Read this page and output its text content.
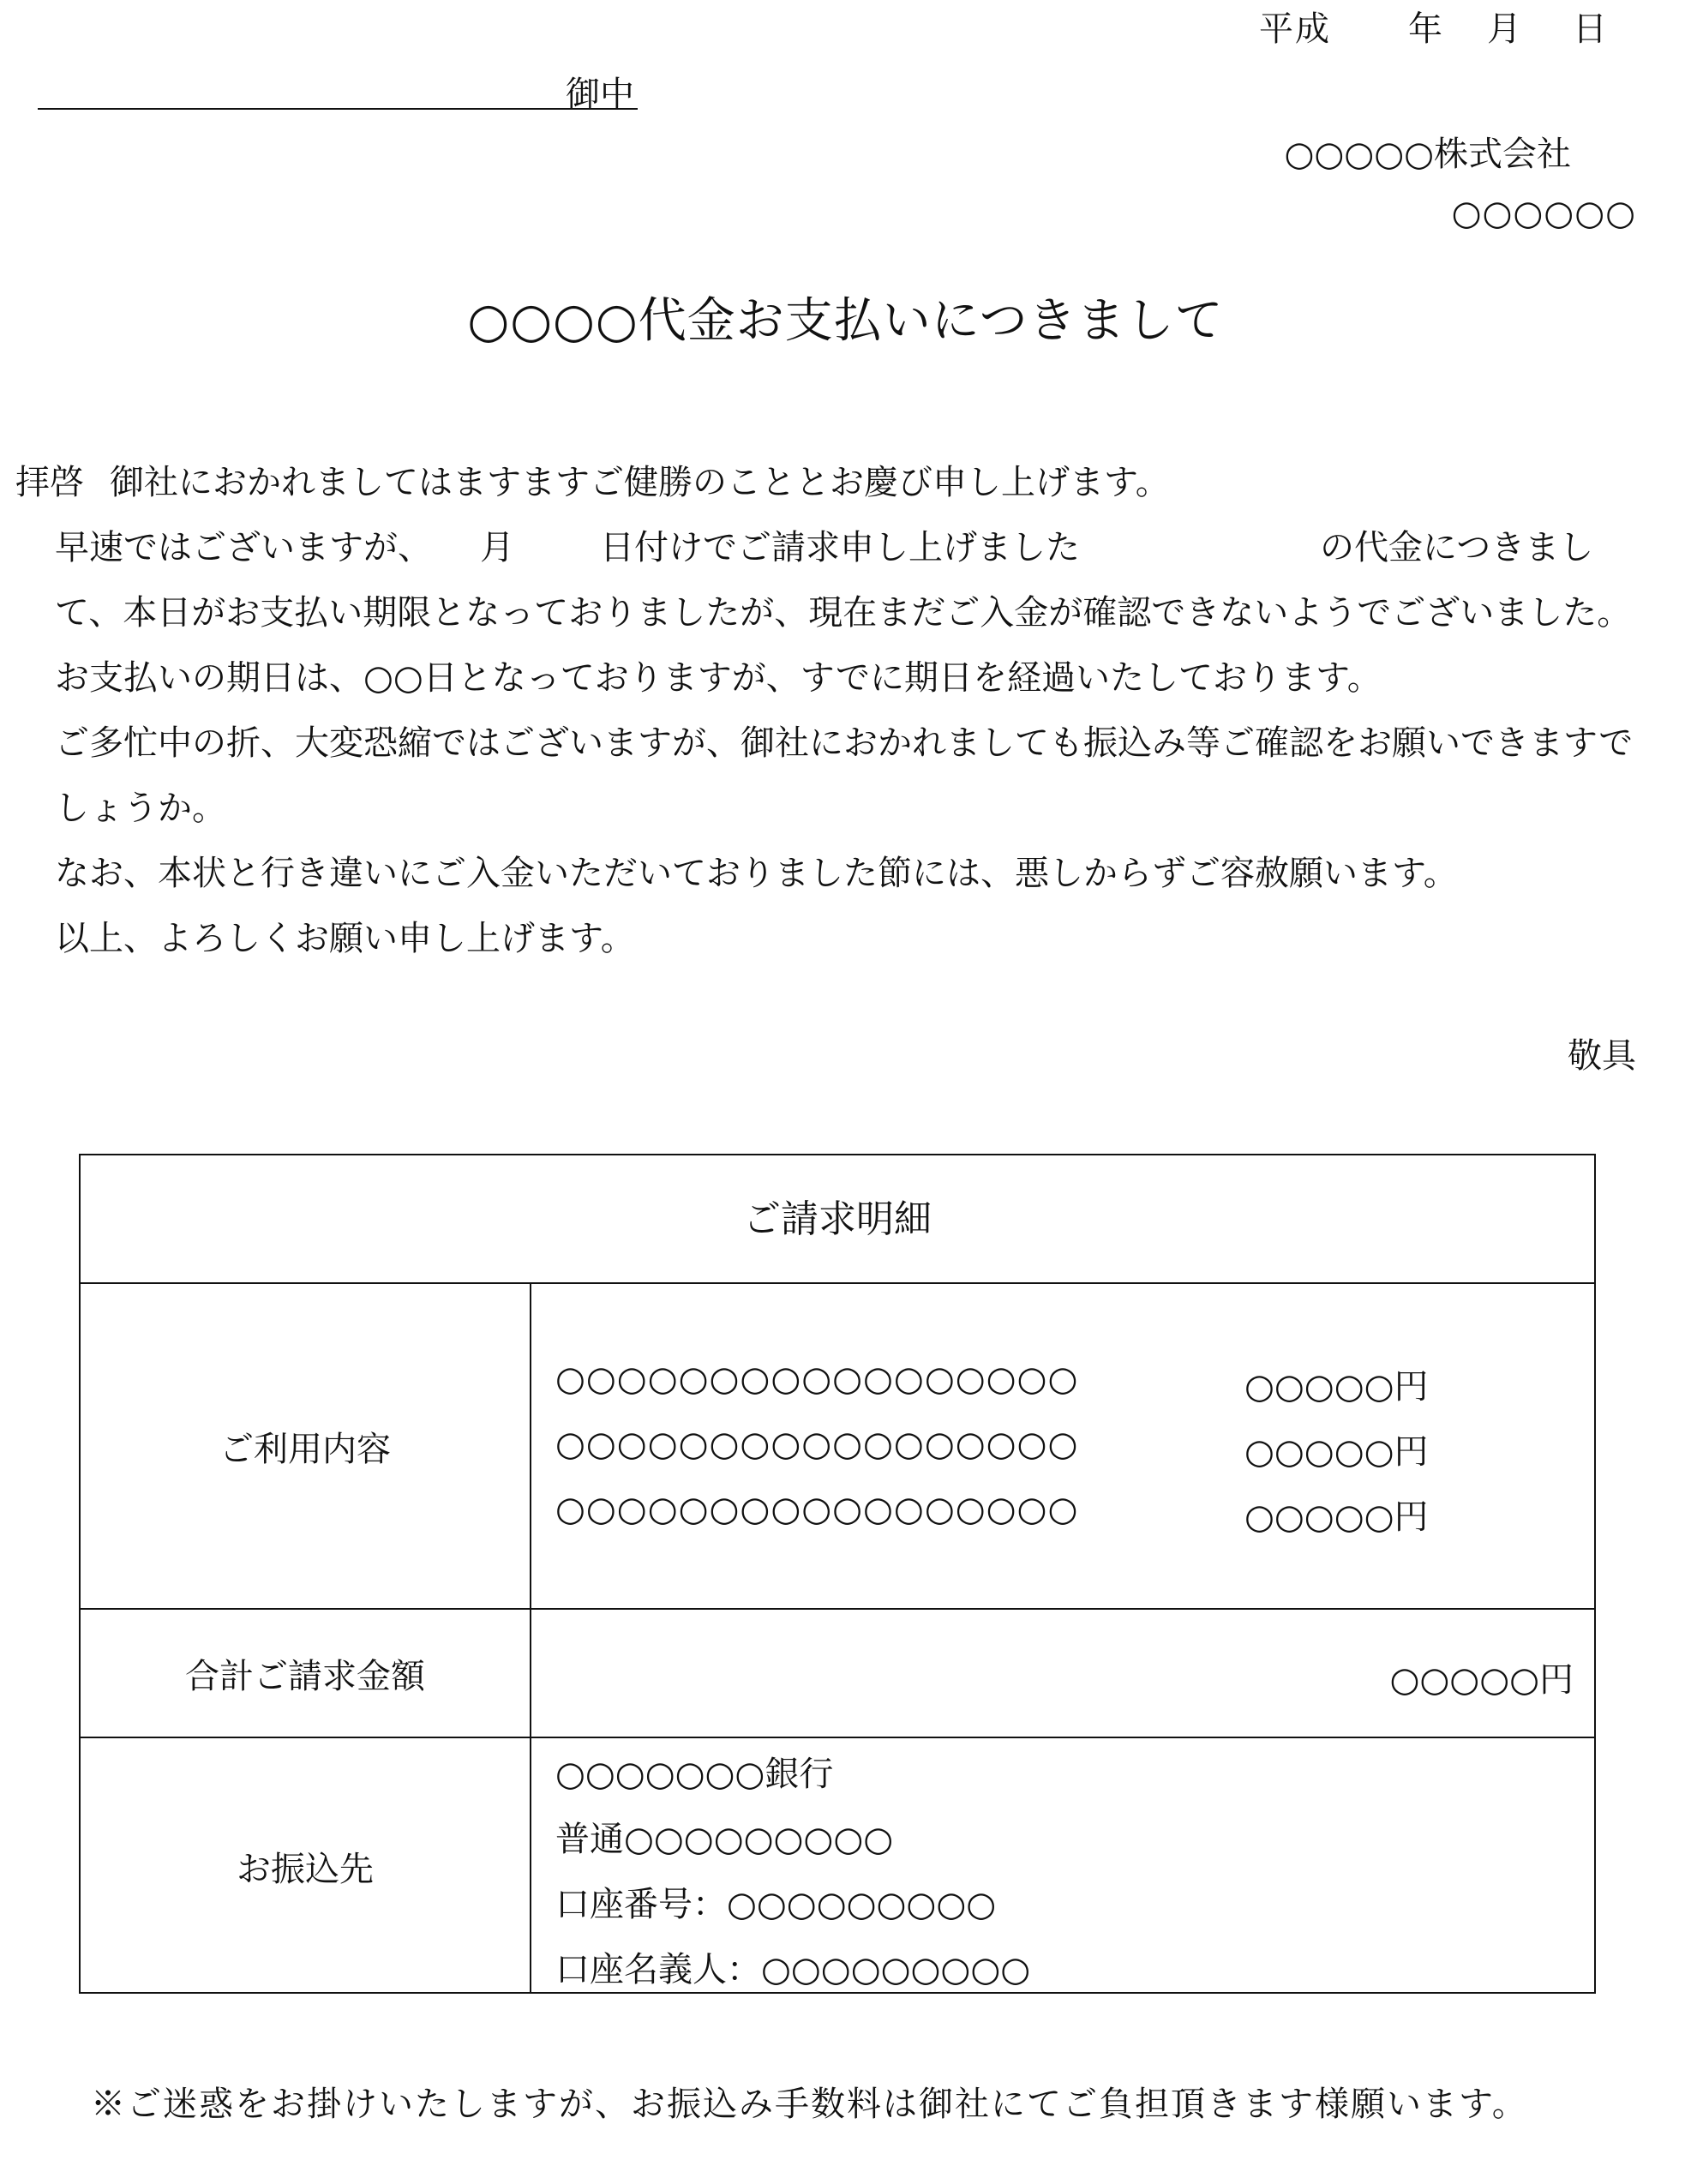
平成 年 月 日
御中
○○○○○株式会社
○○○○○○
○○○○代金お支払いにつきまして

拝啓 御社におかれましてはますますご健勝のこととお慶び申し上げます。

早速ではございますが、 月	日付けでご請求申し上げました	の代金につきまして、本日がお支払い期限となっておりましたが、現在まだご入金が確認できないようでございました。

お支払いの期日は、○○日となっておりますが、すでに期日を経過いたしております。

ご多忙中の折、大変恐縮ではございますが、御社におかれましても振込み等ご確認をお願いできますでしょうか。

なお、本状と行き違いにご入金いただいておりました節には、悪しからずご容赦願います。

以上、よろしくお願い申し上げます。

敬具
ご請求明細
ご利用内容
○○○○○○○○○○○○○○○○○	○○○○○円
○○○○○○○○○○○○○○○○○	○○○○○円
○○○○○○○○○○○○○○○○○	○○○○○円
合計ご請求金額	○○○○○円
お振込先
○○○○○○○銀行
普通○○○○○○○○○
口座番号：○○○○○○○○○
口座名義人：○○○○○○○○○
※ご迷惑をお掛けいたしますが、お振込み手数料は御社にてご負担頂きます様願います。
